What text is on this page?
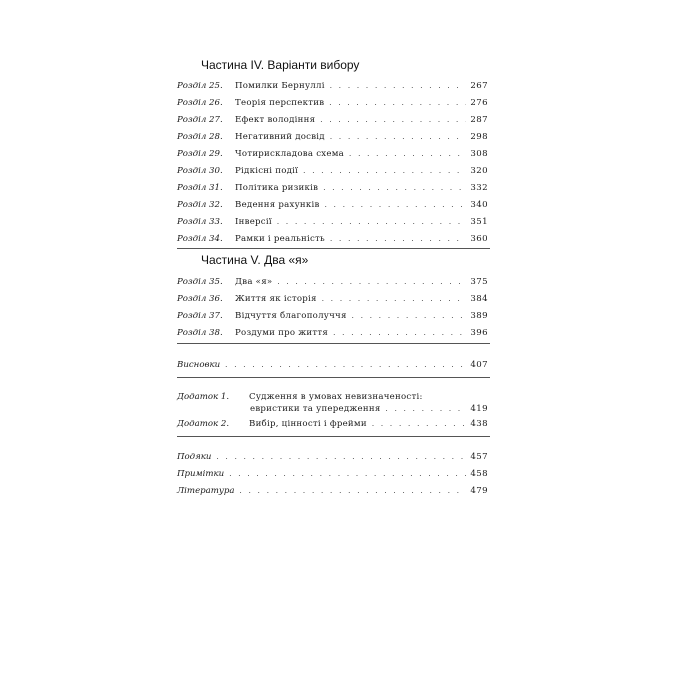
Частина IV. Варіанти вибору
Розділ 25.	Помилки Бернуллі . . .	267
Розділ 26.	Теорія перспектив . . .	276
Розділ 27.	Ефект володіння . . .	287
Розділ 28.	Негативний досвід . . .	298
Розділ 29.	Чотирискладова схема . . .	308
Розділ 30.	Рідкісні події . . .	320
Розділ 31.	Політика ризиків . . .	332
Розділ 32.	Ведення рахунків . . .	340
Розділ 33.	Інверсії . . .	351
Розділ 34.	Рамки і реальність . . .	360
Частина V. Два «я»
Розділ 35.	Два «я» . . .	375
Розділ 36.	Життя як історія . . .	384
Розділ 37.	Відчуття благополуччя . . .	389
Розділ 38.	Роздуми про життя . . .	396
Висновки . . .	407
Додаток 1.	Судження в умовах невизначеності:
евристики та упередження . . .	419
Додаток 2.	Вибір, цінності і фрейми . . .	438
Подяки . . .	457
Примітки . . .	458
Література . . .	479
